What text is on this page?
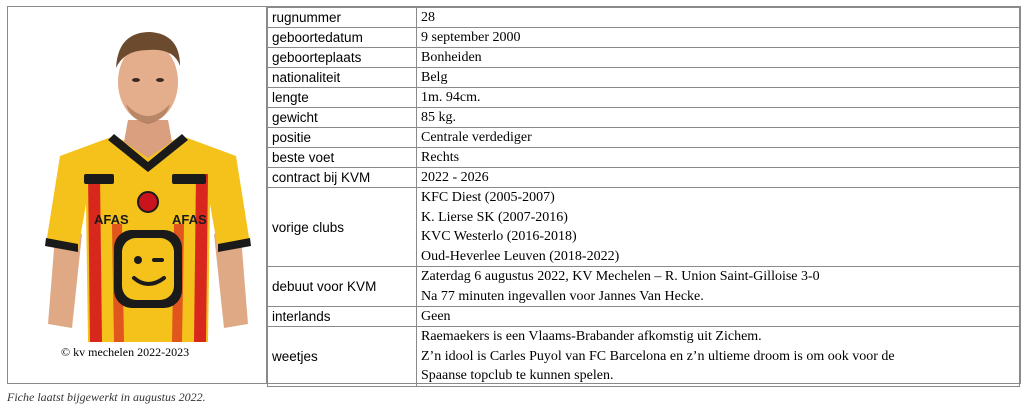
AFAS	AFAS
© kv mechelen 2022-2023
rugnummer	28
geboortedatum	9 september 2000
geboorteplaats	Bonheiden
nationaliteit	Belg
lengte	1m. 94cm.
gewicht	85 kg.
positie	Centrale verdediger
beste voet	Rechts
contract bij KVM	2022 - 2026
vorige clubs	KFC Diest (2005-2007)
K. Lierse SK (2007-2016)
KVC Westerlo (2016-2018)
Oud-Heverlee Leuven (2018-2022)

debuut voor KVM	Zaterdag 6 augustus 2022, KV Mechelen – R. Union Saint-Gilloise 3-0
Na 77 minuten ingevallen voor Jannes Van Hecke.

interlands	Geen
weetjes	Raemaekers is een Vlaams-Brabander afkomstig uit Zichem.
Z’n idool is Carles Puyol van FC Barcelona en z’n ultieme droom is om ook voor de
Spaanse topclub te kunnen spelen.
Fiche laatst bijgewerkt in augustus 2022.
